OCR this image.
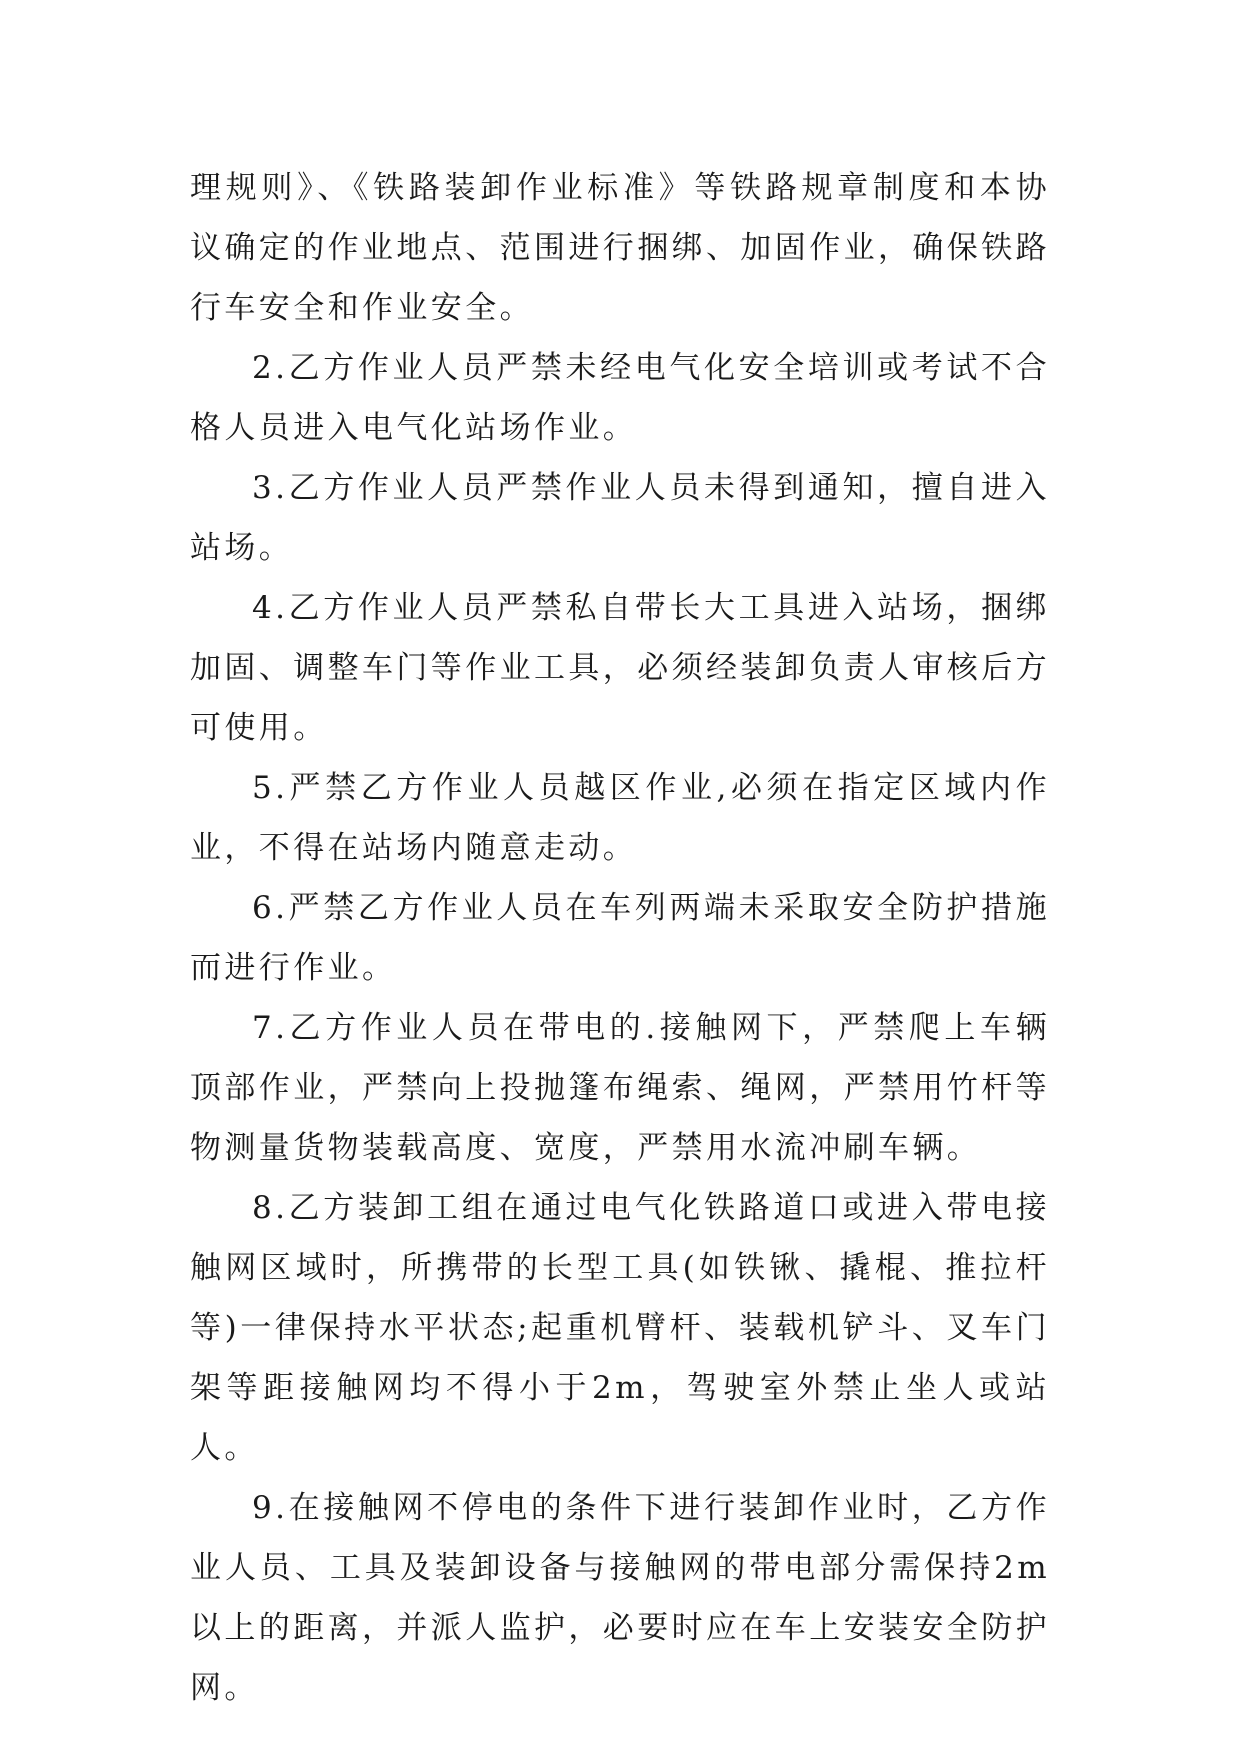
理规则》、《铁路装卸作业标准》等铁路规章制度和本协议确定的作业地点、范围进行捆绑、加固作业，确保铁路行车安全和作业安全。

2.乙方作业人员严禁未经电气化安全培训或考试不合格人员进入电气化站场作业。

3.乙方作业人员严禁作业人员未得到通知，擅自进入站场。

4.乙方作业人员严禁私自带长大工具进入站场，捆绑加固、调整车门等作业工具，必须经装卸负责人审核后方可使用。

5.严禁乙方作业人员越区作业,必须在指定区域内作业，不得在站场内随意走动。

6.严禁乙方作业人员在车列两端未采取安全防护措施而进行作业。

7.乙方作业人员在带电的.接触网下，严禁爬上车辆顶部作业，严禁向上投抛篷布绳索、绳网，严禁用竹杆等物测量货物装载高度、宽度，严禁用水流冲刷车辆。

8.乙方装卸工组在通过电气化铁路道口或进入带电接触网区域时，所携带的长型工具(如铁锹、撬棍、推拉杆等)一律保持水平状态;起重机臂杆、装载机铲斗、叉车门架等距接触网均不得小于2m，驾驶室外禁止坐人或站人。

9.在接触网不停电的条件下进行装卸作业时，乙方作业人员、工具及装卸设备与接触网的带电部分需保持2m以上的距离，并派人监护，必要时应在车上安装安全防护网。
